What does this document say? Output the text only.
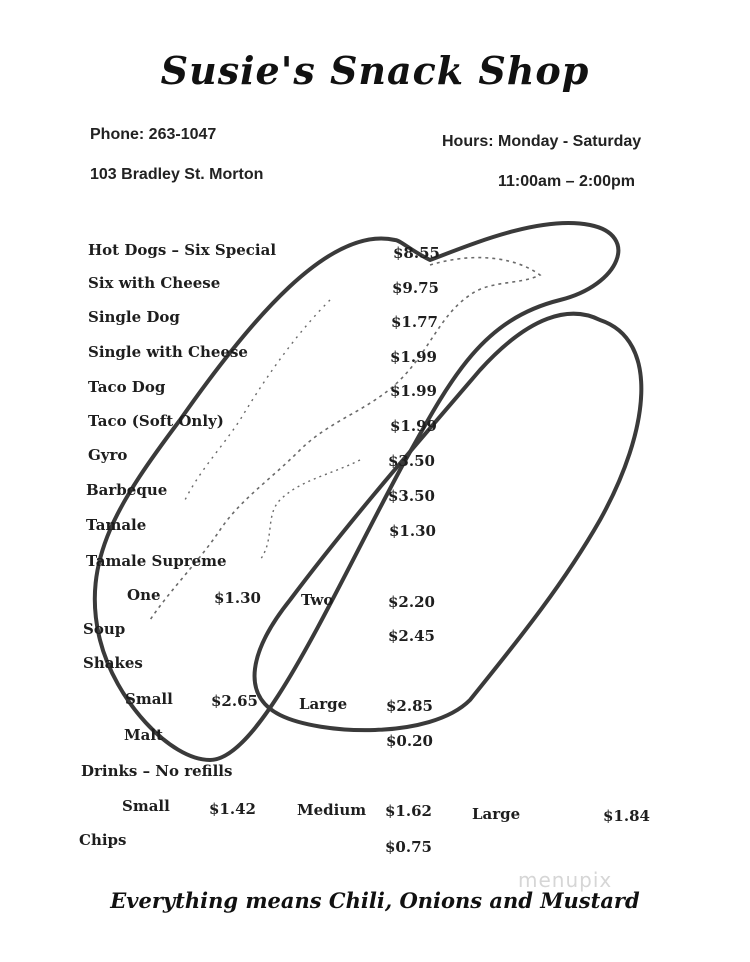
Susie's Snack Shop
Phone: 263-1047
103 Bradley St. Morton
Hours: Monday - Saturday
11:00am – 2:00pm
Hot Dogs – Six Special	$8.55
Six with Cheese	$9.75
Single Dog	$1.77
Single with Cheese	$1.99
Taco Dog	$1.99
Taco (Soft Only)	$1.99
Gyro	$3.50
Barbeque	$3.50
Tamale	$1.30
Tamale Supreme
One	$1.30	Two	$2.20
Soup	$2.45
Shakes
Small	$2.65	Large	$2.85
Malt	$0.20
Drinks – No refills
Small	$1.42	Medium $1.62	Large	$1.84
Chips	$0.75
menupix
Everything means Chili, Onions and Mustard
